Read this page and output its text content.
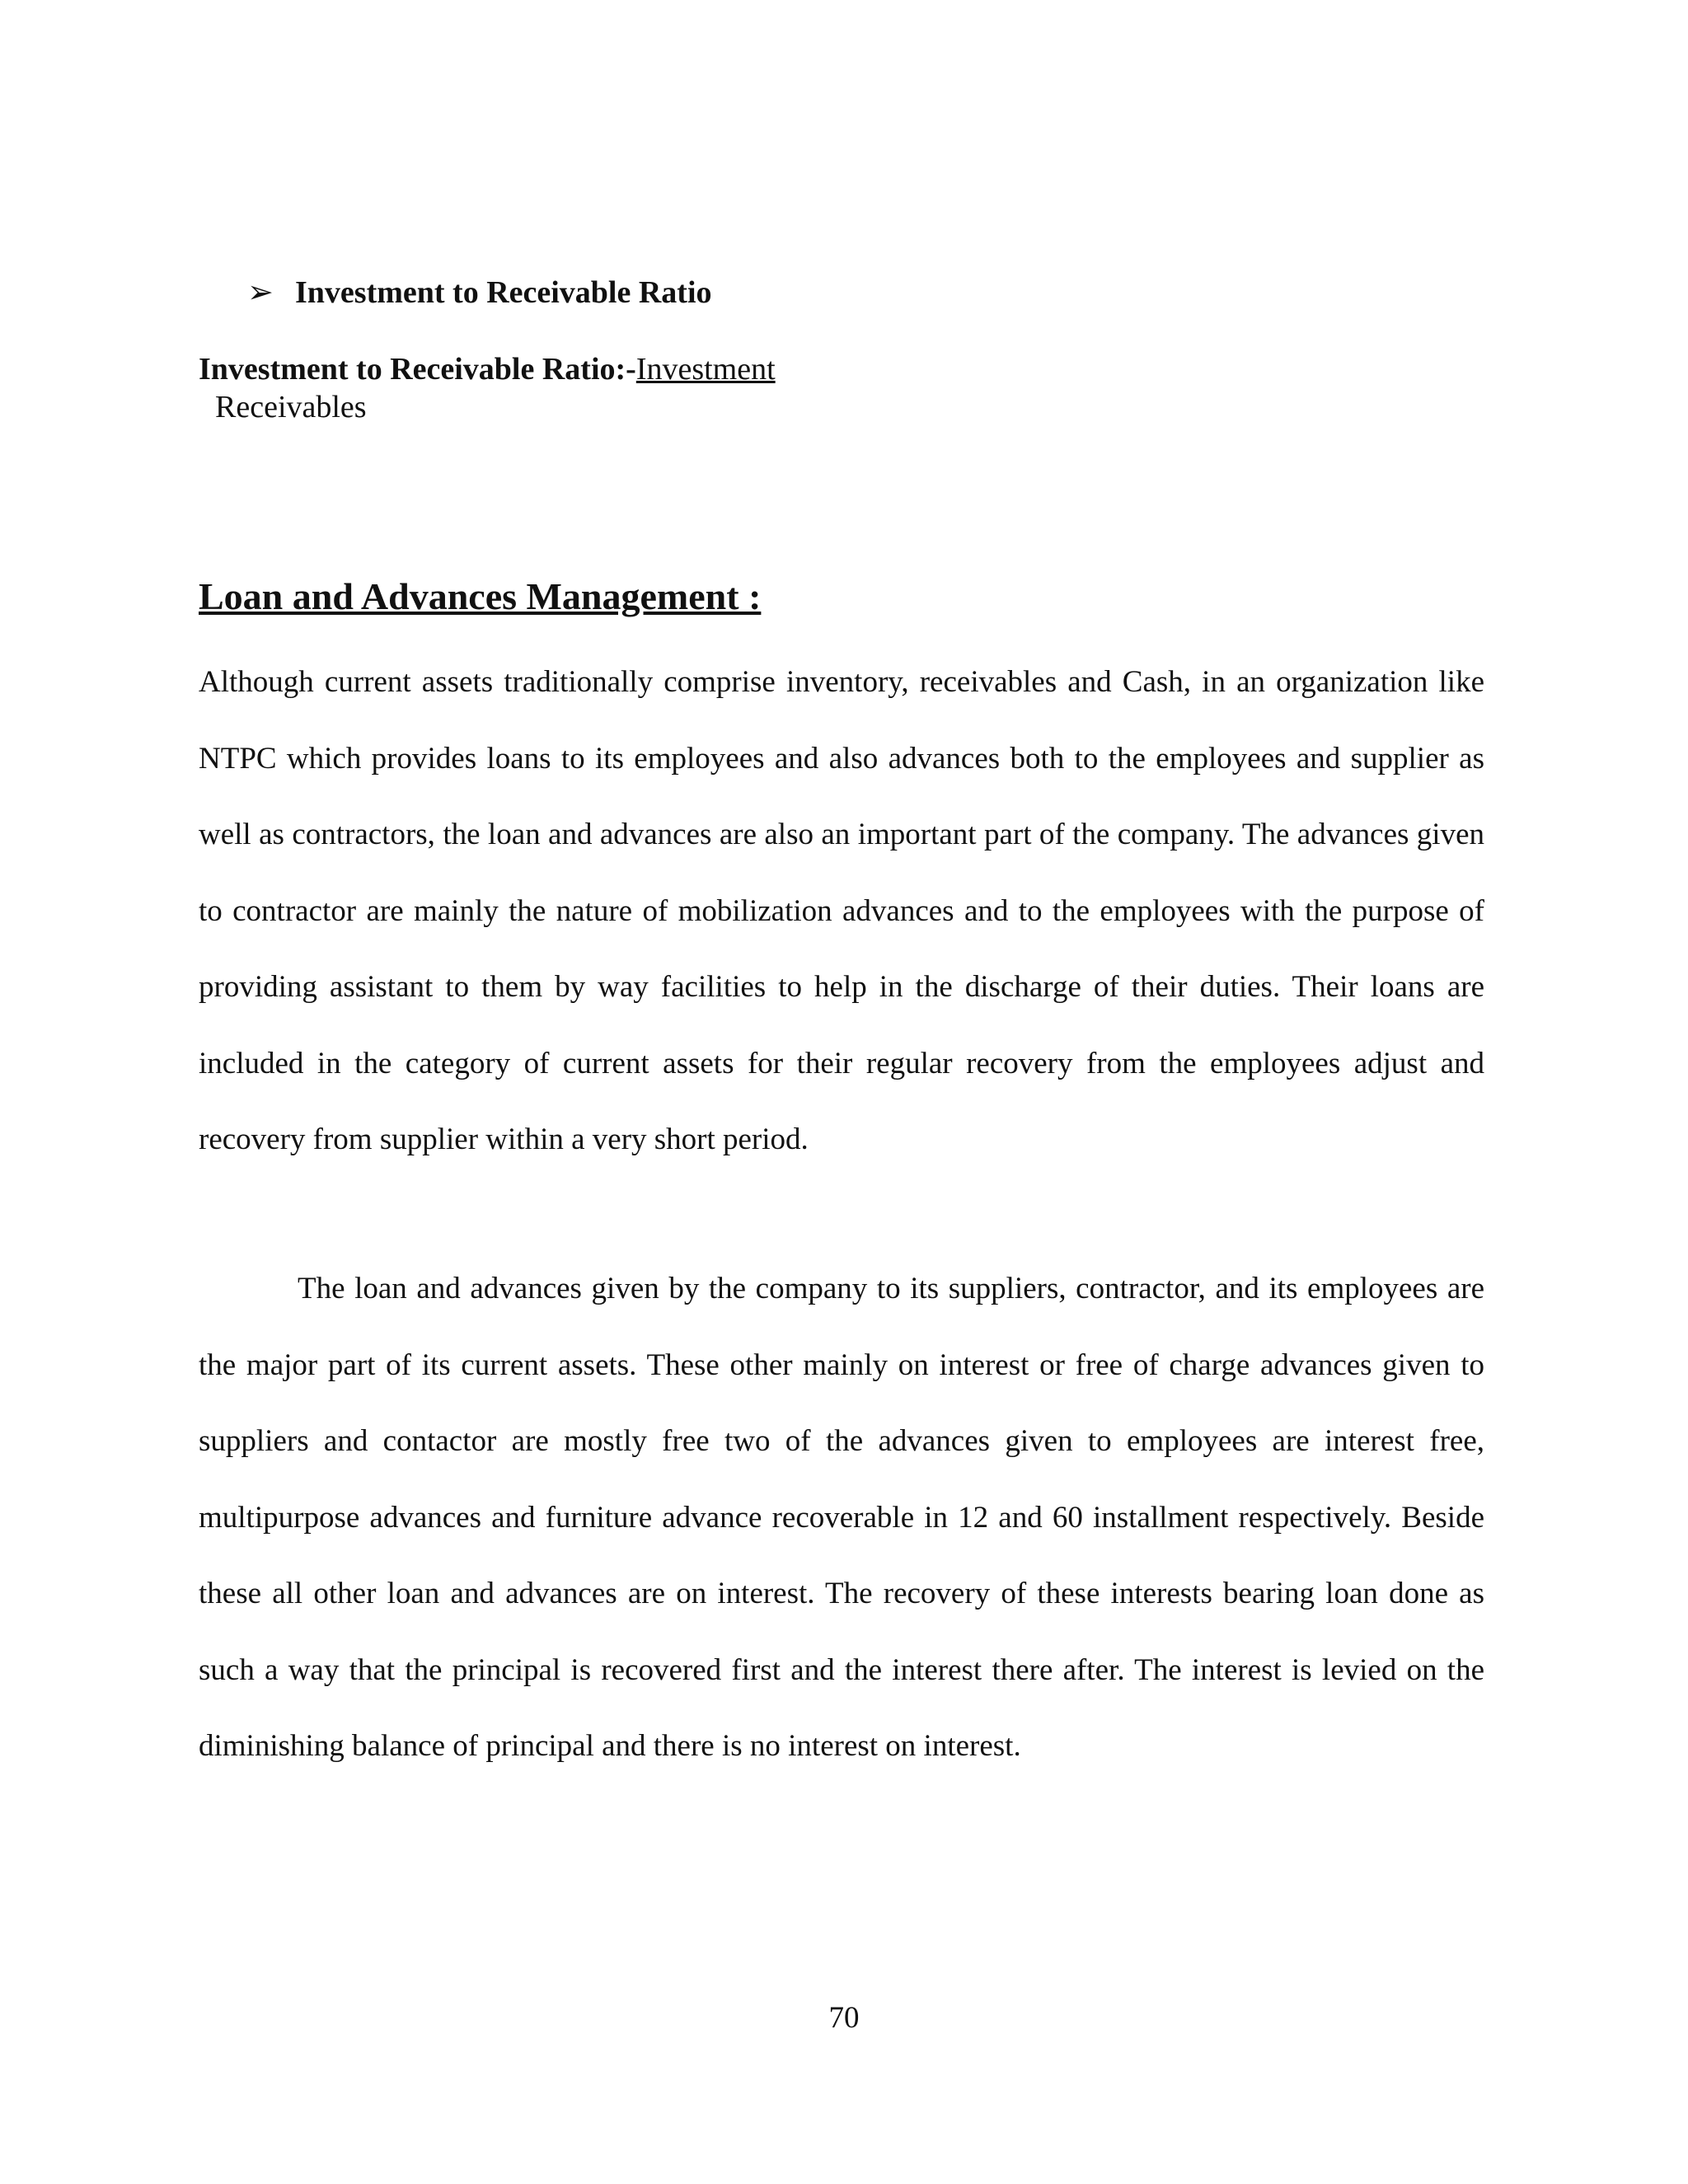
➢ Investment to Receivable Ratio
Investment to Receivable Ratio:-Investment
Receivables
Loan and Advances Management :

Although current assets traditionally comprise inventory, receivables and Cash, in an organization like NTPC which provides loans to its employees and also advances both to the employees and supplier as well as contractors, the loan and advances are also an important part of the company. The advances given to contractor are mainly the nature of mobilization advances and to the employees with the purpose of providing assistant to them by way facilities to help in the discharge of their duties. Their loans are included in the category of current assets for their regular recovery from the employees adjust and recovery from supplier within a very short period.

The loan and advances given by the company to its suppliers, contractor, and its employees are the major part of its current assets. These other mainly on interest or free of charge advances given to suppliers and contactor are mostly free two of the advances given to employees are interest free, multipurpose advances and furniture advance recoverable in 12 and 60 installment respectively. Beside these all other loan and advances are on interest. The recovery of these interests bearing loan done as such a way that the principal is recovered first and the interest there after. The interest is levied on the diminishing balance of principal and there is no interest on interest.

70
